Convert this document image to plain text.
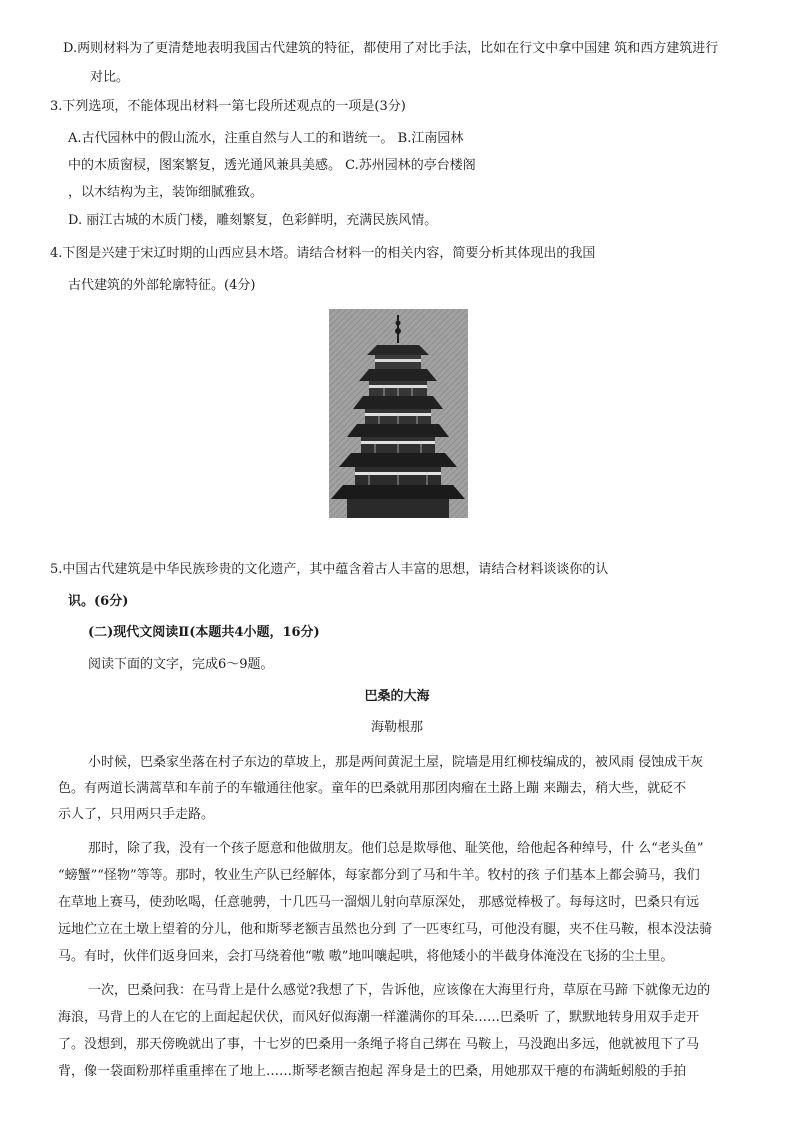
D.两则材料为了更清楚地表明我国古代建筑的特征，都使用了对比手法，比如在行文中拿中国建 筑和西方建筑进行
对比。
3.下列选项，不能体现出材料一第七段所述观点的一项是(3分)
A.古代园林中的假山流水，注重自然与人工的和谐统一。 B.江南园林
中的木质窗棂，图案繁复，透光通风兼具美感。 C.苏州园林的亭台楼阁
，以木结构为主，装饰细腻雅致。
D. 丽江古城的木质门楼，雕刻繁复，色彩鲜明，充满民族风情。
4.下图是兴建于宋辽时期的山西应县木塔。请结合材料一的相关内容，简要分析其体现出的我国
古代建筑的外部轮廓特征。(4分)
5.中国古代建筑是中华民族珍贵的文化遗产，其中蕴含着古人丰富的思想，请结合材料谈谈你的认
识。(6分)
(二)现代文阅读Ⅱ(本题共4小题，16分)
阅读下面的文字，完成6～9题。
巴桑的大海
海勒根那
小时候，巴桑家坐落在村子东边的草坡上，那是两间黄泥土屋，院墙是用红柳枝编成的，被风雨 侵蚀成干灰
色。有两道长满蒿草和车前子的车辙通往他家。童年的巴桑就用那团肉瘤在土路上蹦 来蹦去，稍大些，就砭不
示人了，只用两只手走路。
那时，除了我，没有一个孩子愿意和他做朋友。他们总是欺辱他、耻笑他，给他起各种绰号，什 么“老头鱼”
“螃蟹”“怪物”等等。那时，牧业生产队已经解体，每家都分到了马和牛羊。牧村的孩 子们基本上都会骑马，我们
在草地上赛马，使劲吆喝，任意驰骋，十几匹马一溜烟儿射向草原深处， 那感觉棒极了。每每这时，巴桑只有远
远地伫立在土墩上望着的分儿，他和斯琴老额吉虽然也分到 了一匹枣红马，可他没有腿，夹不住马鞍，根本没法骑
马。有时，伙伴们返身回来，会打马绕着他“嗷 嗷”地叫嚷起哄，将他矮小的半截身体淹没在飞扬的尘土里。
一次，巴桑问我：在马背上是什么感觉?我想了下，告诉他，应该像在大海里行舟，草原在马蹄 下就像无边的
海浪，马背上的人在它的上面起起伏伏，而风好似海潮一样灌满你的耳朵……巴桑听 了，默默地转身用双手走开
了。没想到，那天傍晚就出了事，十七岁的巴桑用一条绳子将自己绑在 马鞍上，马没跑出多远，他就被甩下了马
背，像一袋面粉那样重重摔在了地上……斯琴老额吉抱起 浑身是土的巴桑，用她那双干瘪的布满蚯蚓般的手拍
